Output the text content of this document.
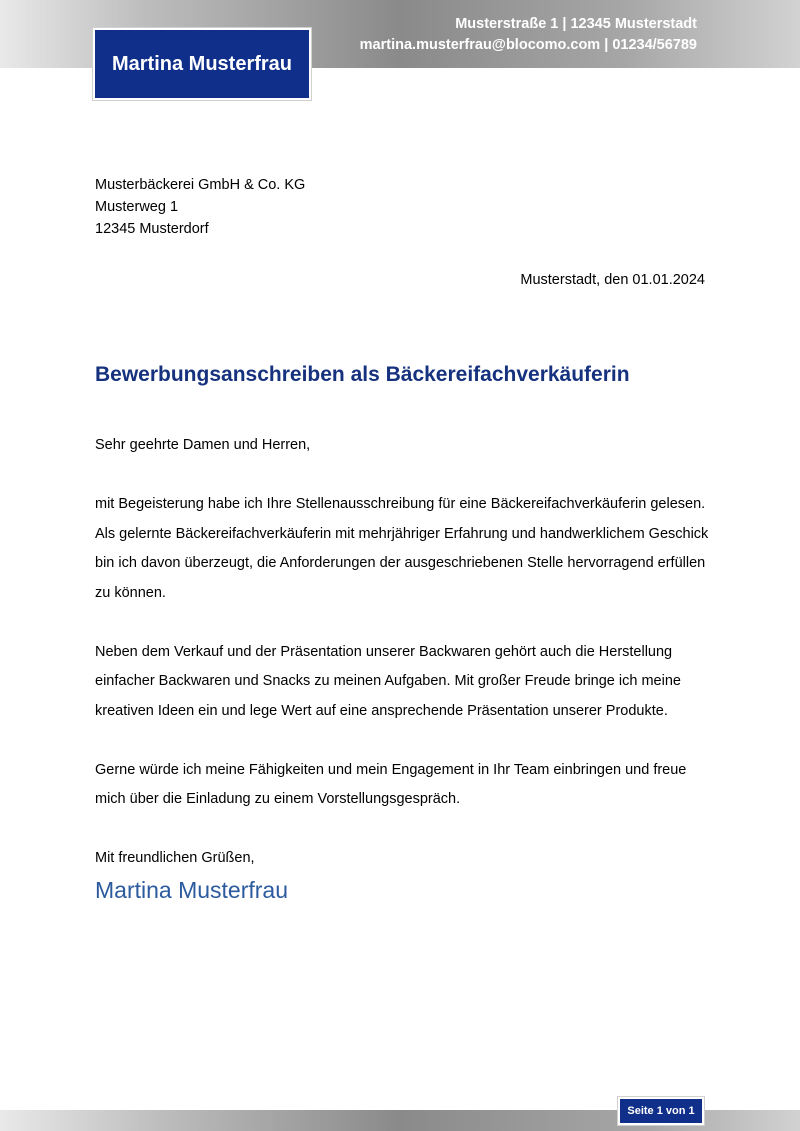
Musterstraße 1 | 12345 Musterstadt
martina.musterfrau@blocomo.com | 01234/56789
Martina Musterfrau
Musterbäckerei GmbH & Co. KG
Musterweg 1
12345 Musterdorf
Musterstadt, den 01.01.2024
Bewerbungsanschreiben als Bäckereifachverkäuferin

Sehr geehrte Damen und Herren,

mit Begeisterung habe ich Ihre Stellenausschreibung für eine Bäckereifachverkäuferin gelesen. Als gelernte Bäckereifachverkäuferin mit mehrjähriger Erfahrung und handwerklichem Geschick bin ich davon überzeugt, die Anforderungen der ausgeschriebenen Stelle hervorragend erfüllen zu können.

Neben dem Verkauf und der Präsentation unserer Backwaren gehört auch die Herstellung einfacher Backwaren und Snacks zu meinen Aufgaben. Mit großer Freude bringe ich meine kreativen Ideen ein und lege Wert auf eine ansprechende Präsentation unserer Produkte.

Gerne würde ich meine Fähigkeiten und mein Engagement in Ihr Team einbringen und freue mich über die Einladung zu einem Vorstellungsgespräch.

Mit freundlichen Grüßen,

Martina Musterfrau
Seite 1 von 1
